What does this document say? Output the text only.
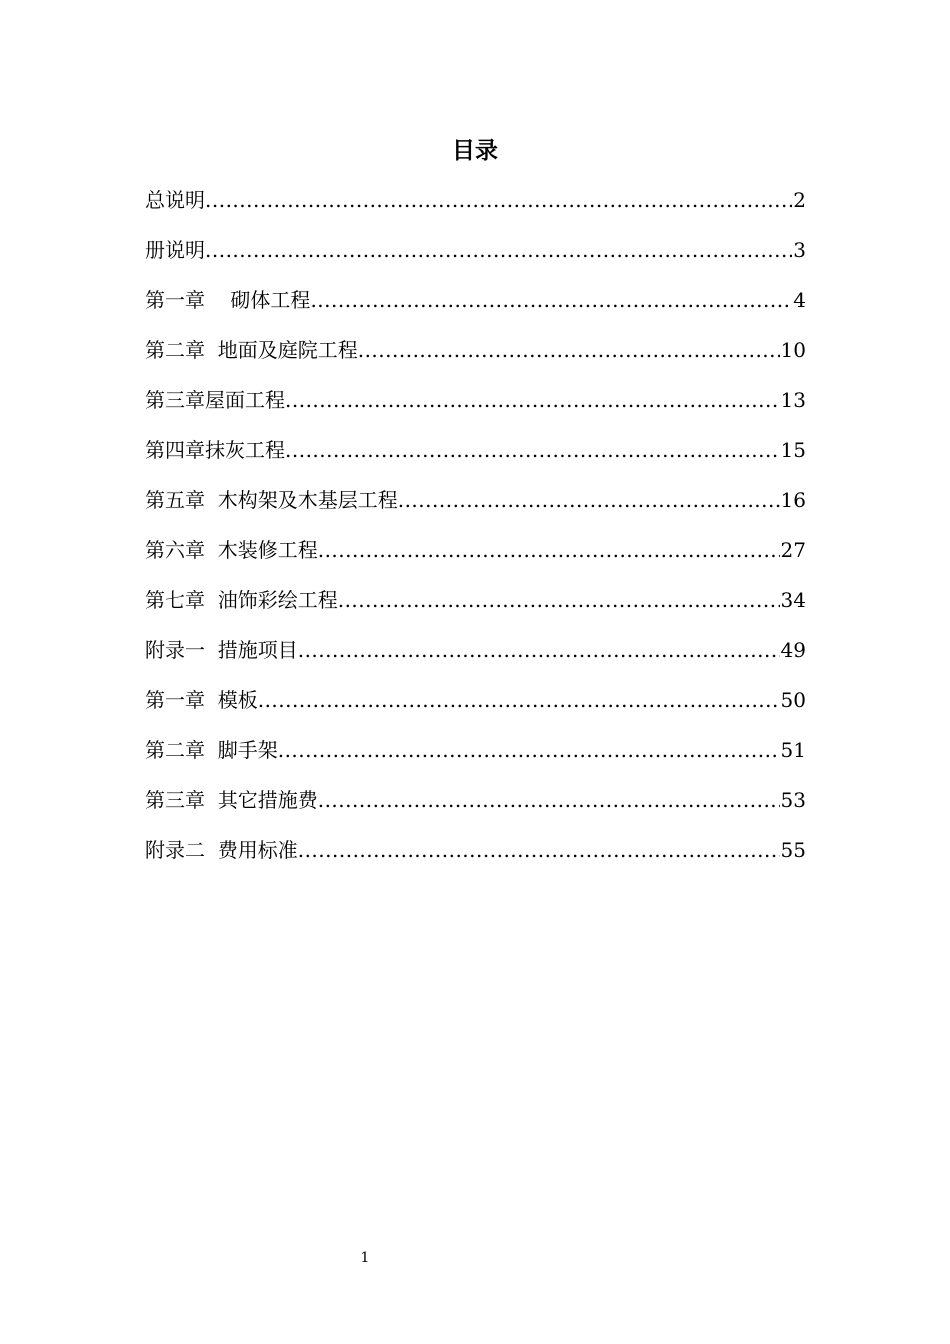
目录
总说明 .....	2
册说明 .....	3
第一章    砌体工程 .....	4
第二章  地面及庭院工程 .....	10
第三章屋面工程 .....	13
第四章抹灰工程 .....	15
第五章  木构架及木基层工程 .....	16
第六章  木装修工程 .....	27
第七章  油饰彩绘工程 .....	34
附录一  措施项目 .....	49
第一章  模板 .....	50
第二章  脚手架 .....	51
第三章  其它措施费 .....	53
附录二  费用标准 .....	55
1
